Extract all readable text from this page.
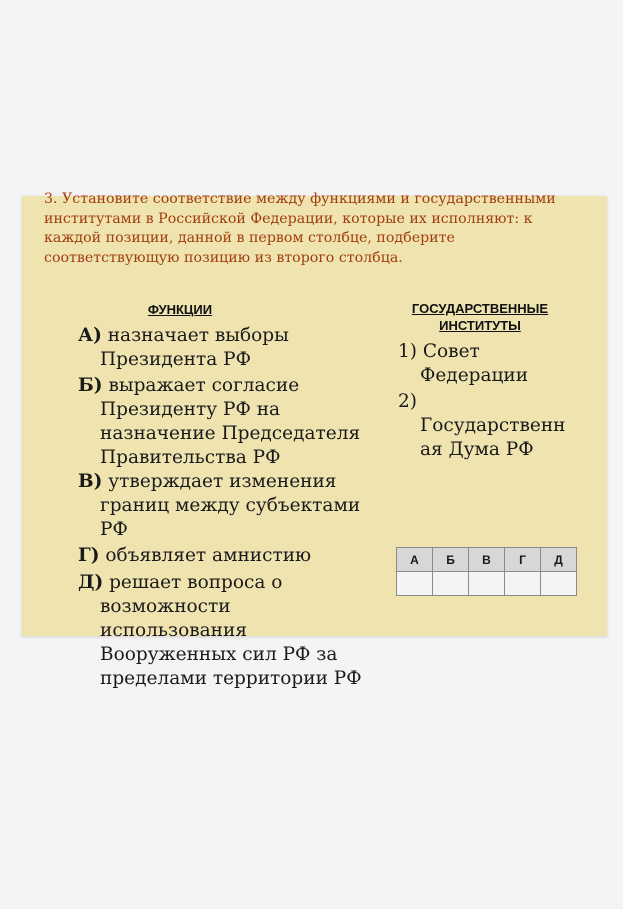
3. Установите соответствие между функциями и государственными институтами в Российской Федерации, которые их исполняют: к каждой позиции, данной в первом столбце, подберите соответствующую позицию из второго столбца.

ФУНКЦИИ	ГОСУДАРСТВЕННЫЕ
ИНСТИТУТЫ
А) назначает выборы
Президента РФ
Б) выражает согласие
Президенту РФ на
назначение Председателя
Правительства РФ
В) утверждает изменения
границ между субъектами
РФ
Г) объявляет амнистию
Д) решает вопроса о
возможности
использования
Вооруженных сил РФ за
пределами территории РФ
1) Совет
Федерации
2)
Государственн
ая Дума РФ
А	Б	В	Г	Д
